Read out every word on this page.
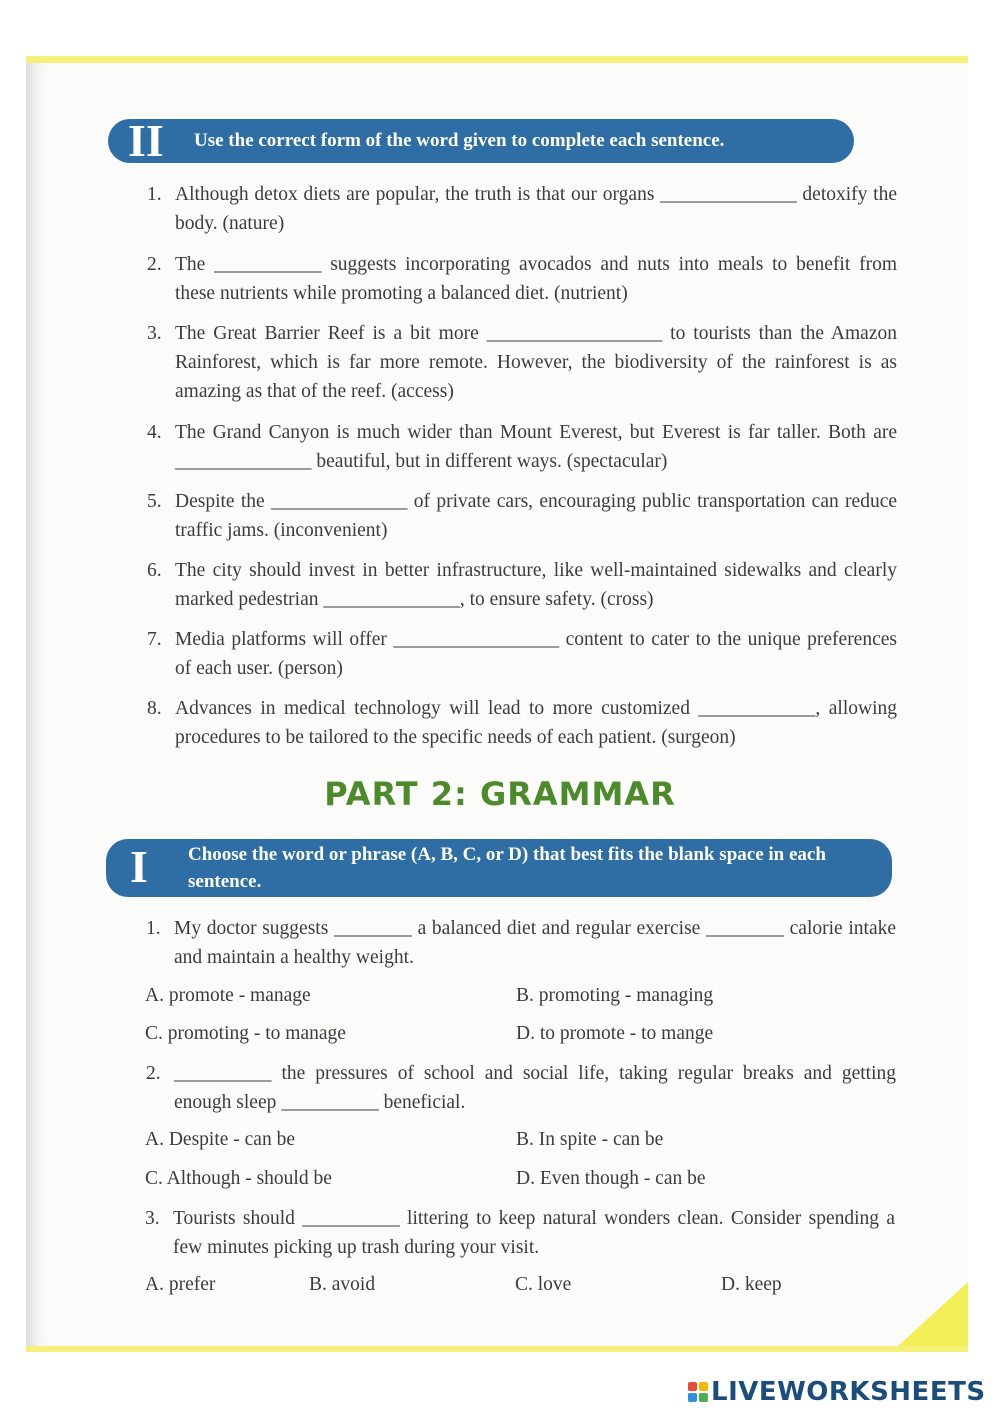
II Use the correct form of the word given to complete each sentence.
1. Although detox diets are popular, the truth is that our organs ______________ detoxify the body. (nature)
2. The ___________ suggests incorporating avocados and nuts into meals to benefit from these nutrients while promoting a balanced diet. (nutrient)
3. The Great Barrier Reef is a bit more __________________ to tourists than the Amazon Rainforest, which is far more remote. However, the biodiversity of the rainforest is as amazing as that of the reef. (access)
4. The Grand Canyon is much wider than Mount Everest, but Everest is far taller. Both are ______________ beautiful, but in different ways. (spectacular)
5. Despite the ______________ of private cars, encouraging public transportation can reduce traffic jams. (inconvenient)
6. The city should invest in better infrastructure, like well-maintained sidewalks and clearly marked pedestrian ______________, to ensure safety. (cross)
7. Media platforms will offer _________________ content to cater to the unique preferences of each user. (person)
8. Advances in medical technology will lead to more customized ____________, allowing procedures to be tailored to the specific needs of each patient. (surgeon)
PART 2: GRAMMAR
I Choose the word or phrase (A, B, C, or D) that best fits the blank space in each sentence.
1. My doctor suggests ________ a balanced diet and regular exercise ________ calorie intake and maintain a healthy weight.
A. promote - manage	B. promoting - managing
C. promoting - to manage	D. to promote - to mange
2. __________ the pressures of school and social life, taking regular breaks and getting enough sleep __________ beneficial.
A. Despite - can be	B. In spite - can be
C. Although - should be	D. Even though - can be
3. Tourists should __________ littering to keep natural wonders clean. Consider spending a few minutes picking up trash during your visit.
A. prefer	B. avoid	C. love	D. keep
LIVEWORKSHEETS
